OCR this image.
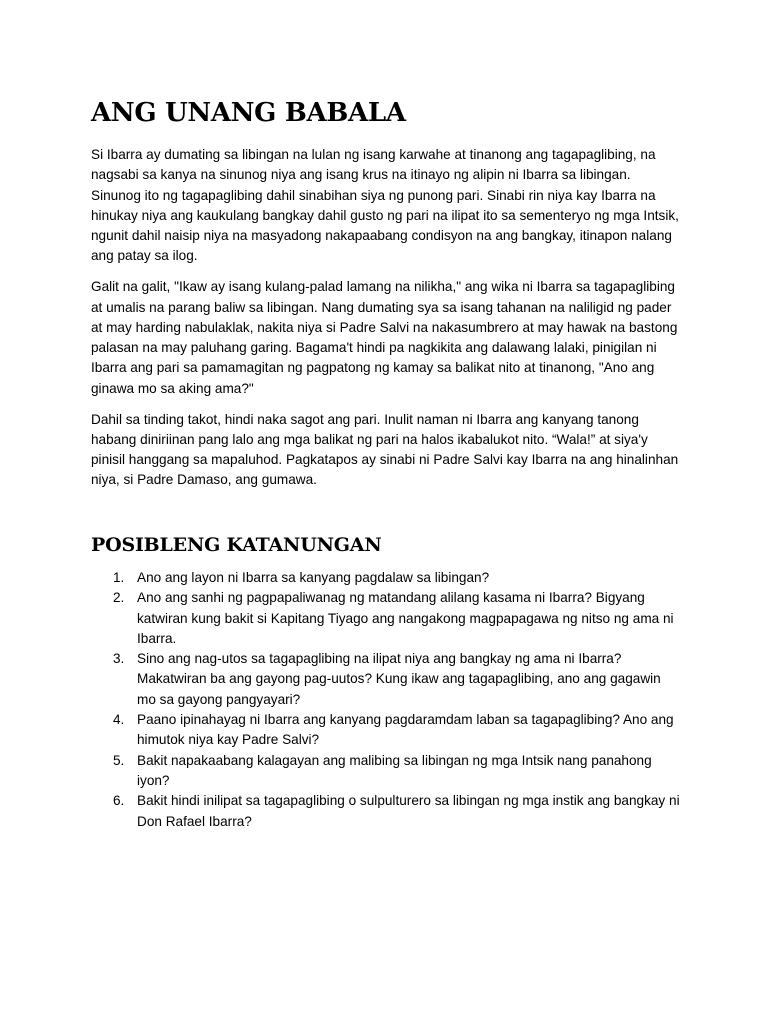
ANG UNANG BABALA

Si Ibarra ay dumating sa libingan na lulan ng isang karwahe at tinanong ang tagapaglibing, na nagsabi sa kanya na sinunog niya ang isang krus na itinayo ng alipin ni Ibarra sa libingan. Sinunog ito ng tagapaglibing dahil sinabihan siya ng punong pari. Sinabi rin niya kay Ibarra na hinukay niya ang kaukulang bangkay dahil gusto ng pari na ilipat ito sa sementeryo ng mga Intsik, ngunit dahil naisip niya na masyadong nakapaabang condisyon na ang bangkay, itinapon nalang ang patay sa ilog.

Galit na galit, "Ikaw ay isang kulang-palad lamang na nilikha," ang wika ni Ibarra sa tagapaglibing at umalis na parang baliw sa libingan. Nang dumating sya sa isang tahanan na naliligid ng pader at may harding nabulaklak, nakita niya si Padre Salvi na nakasumbrero at may hawak na bastong palasan na may paluhang garing. Bagama't hindi pa nagkikita ang dalawang lalaki, pinigilan ni Ibarra ang pari sa pamamagitan ng pagpatong ng kamay sa balikat nito at tinanong, "Ano ang ginawa mo sa aking ama?"

Dahil sa tinding takot, hindi naka sagot ang pari. Inulit naman ni Ibarra ang kanyang tanong habang diniriinan pang lalo ang mga balikat ng pari na halos ikabalukot nito. “Wala!” at siya'y pinisil hanggang sa mapaluhod. Pagkatapos ay sinabi ni Padre Salvi kay Ibarra na ang hinalinhan niya, si Padre Damaso, ang gumawa.

POSIBLENG KATANUNGAN
1. Ano ang layon ni Ibarra sa kanyang pagdalaw sa libingan?
2. Ano ang sanhi ng pagpapaliwanag ng matandang alilang kasama ni Ibarra? Bigyang katwiran kung bakit si Kapitang Tiyago ang nangakong magpapagawa ng nitso ng ama ni Ibarra.
3. Sino ang nag-utos sa tagapaglibing na ilipat niya ang bangkay ng ama ni Ibarra? Makatwiran ba ang gayong pag-uutos? Kung ikaw ang tagapaglibing, ano ang gagawin mo sa gayong pangyayari?
4. Paano ipinahayag ni Ibarra ang kanyang pagdaramdam laban sa tagapaglibing? Ano ang himutok niya kay Padre Salvi?
5. Bakit napakaabang kalagayan ang malibing sa libingan ng mga Intsik nang panahong iyon?
6. Bakit hindi inilipat sa tagapaglibing o sulpulturero sa libingan ng mga instik ang bangkay ni Don Rafael Ibarra?
